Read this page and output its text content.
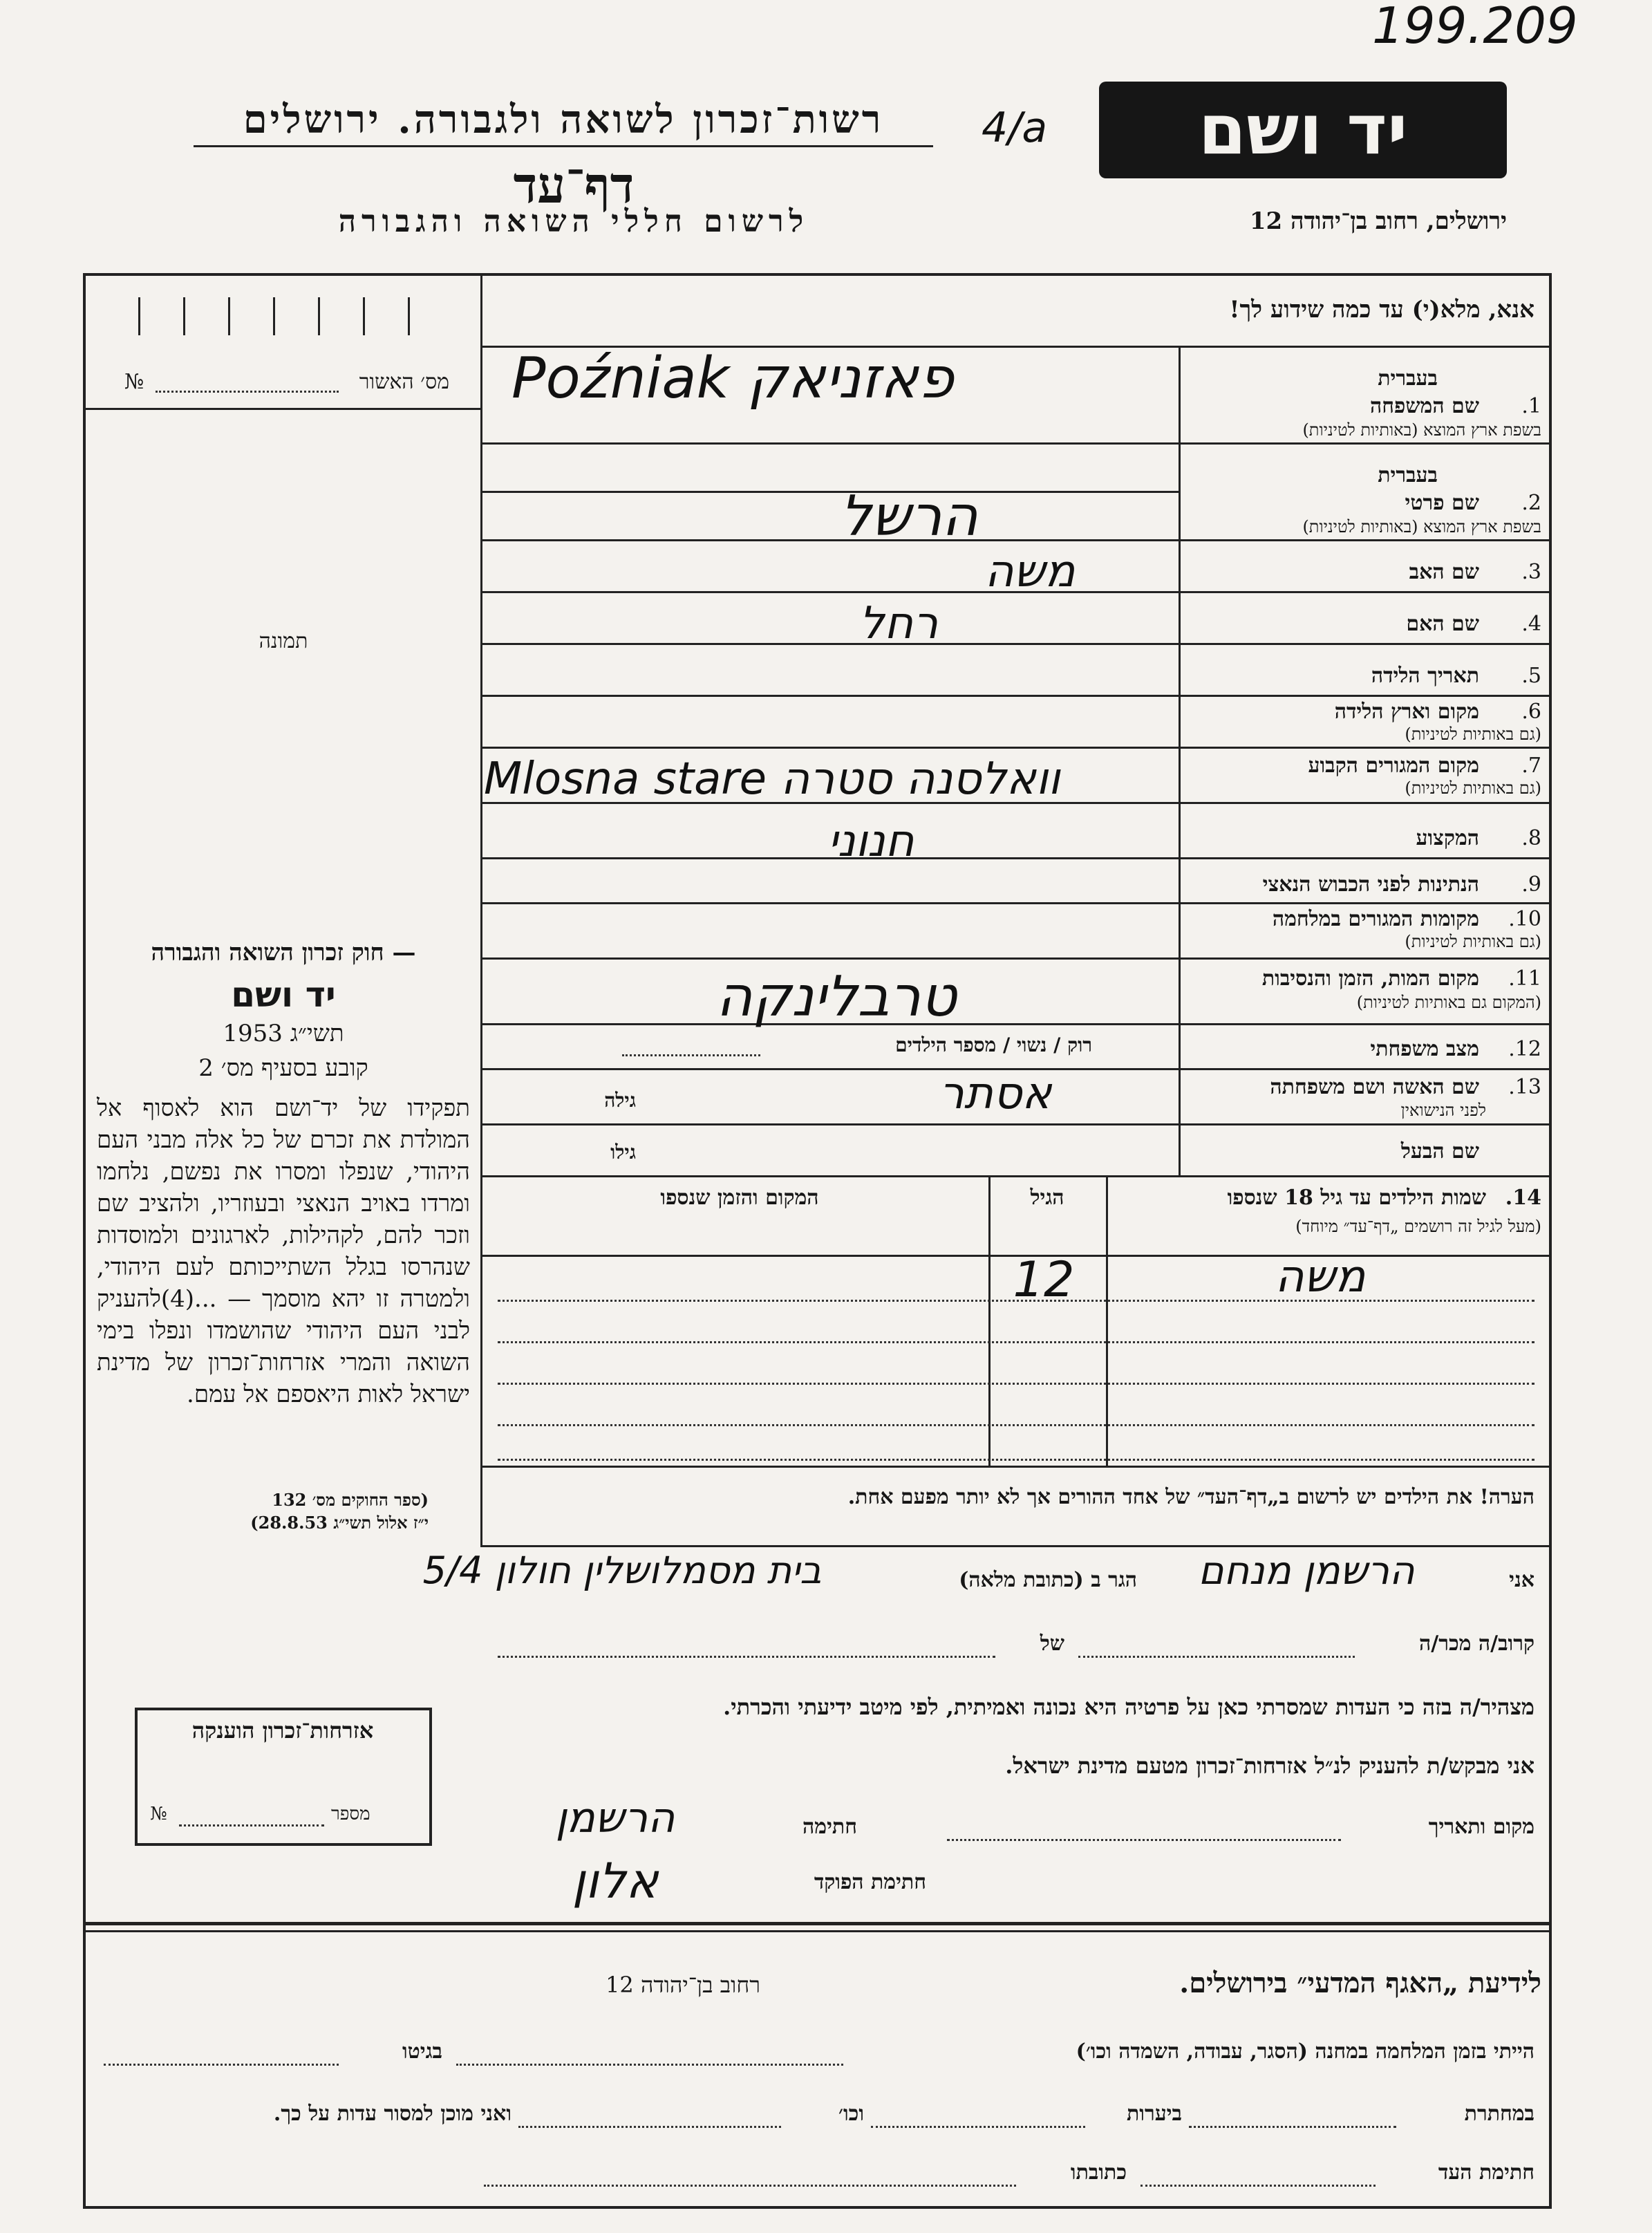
199.209
רשות־זכרון לשואה ולגבורה. ירושלים
דף־עד
לרשום חללי השואה והגבורה
4/a	יד ושם
ירושלים, רחוב בן־יהודה 12
מס׳ האשור
№
תמונה
— חוק זכרון השואה והגבורה
יד ושם
תשי״ג 1953
קובע בסעיף מס׳ 2
תפקידו של יד־ושם הוא לאסוף אל המולדת את זכרם של כל אלה מבני העם היהודי, שנפלו ומסרו את נפשם, נלחמו ומרדו באויב הנאצי ובעוזריו, ולהציב שם וזכר להם, לקהילות, לארגונים ולמוסדות שנהרסו בגלל השתייכותם לעם היהודי, ולמטרה זו יהא מוסמך — ...(4)להעניק לבני העם היהודי שהושמדו ונפלו בימי השואה והמרי אזרחות־זכרון של מדינת ישראל לאות היאספם אל עמם.
(ספר החוקים מס׳ 132
י״ז אלול תשי״ג 28.8.53)
אזרחות־זכרון הוענקה
מספר
№
אנא, מלא(י) עד כמה שידוע לך!
בעברית
1.
שם המשפחה
בשפת ארץ המוצא (באותיות לטיניות)
בעברית
2.
שם פרטי
בשפת ארץ המוצא (באותיות לטיניות)
3.
שם האב
4.
שם האם
5.
תאריך הלידה
6.
מקום וארץ הלידה
(גם באותיות לטיניות)
7.
מקום המגורים הקבוע
(גם באותיות לטיניות)
8.
המקצוע
9.
הנתינות לפני הכבוש הנאצי
10.
מקומות המגורים במלחמה
(גם באותיות לטיניות)
11.
מקום המות, הזמן והנסיבות
(המקום גם באותיות לטיניות)
12.
מצב משפחתי
13.
שם האשה ושם משפחתה
לפני הנישואין
שם הבעל
Poźniak פאזניאק
הרשל
משה
רחל
Mlosna stare וואלסנה סטרה
חנוני
טרבלינקה
רוק / נשוי / מספר הילדים
אסתר
גילה
גילו
14.
שמות הילדים עד גיל 18 שנספו
(מעל לגיל זה רושמים „דף־עד״ מיוחד)
הגיל
המקום והזמן שנספו
משה
12
הערה! את הילדים יש לרשום ב„דף־העד״ של אחד ההורים אך לא יותר מפעם אחת.
אני
הרשמן מנחם
הגר ב (כתובת מלאה)
בית מסמלושלין חולון 5/4
קרוב/ה מכר/ה
של
מצהיר/ה בזה כי העדות שמסרתי כאן על פרטיה היא נכונה ואמיתית, לפי מיטב ידיעתי והכרתי.
אני מבקש/ת להעניק לנ״ל אזרחות־זכרון מטעם מדינת ישראל.
מקום ותאריך
חתימה
הרשמן
חתימת הפוקד
אלון
לידיעת „האגף המדעי״ בירושלים.
רחוב בן־יהודה 12
הייתי בזמן המלחמה במחנה (הסגר, עבודה, השמדה וכו׳)
בגיטו
במחתרת
ביערות
וכו׳
ואני מוכן למסור עדות על כך.
חתימת העד
כתובתו
